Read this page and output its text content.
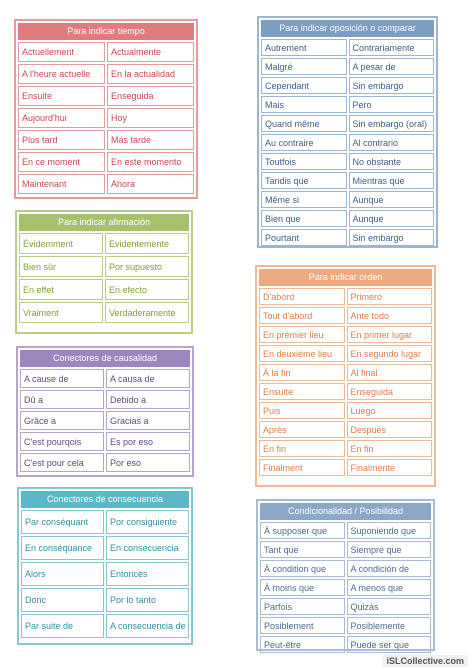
Para indicar tiempo
Actuellement	Actualmente
A l'heure actuelle	En la actualidad
Ensuite	Enseguida
Aujourd'hui	Hoy
Plus tard	Más tarde
En ce moment	En este momento
Maintenant	Ahora
Para indicar afirmación
Évidemment	Evidentemente
Bien sûr	Por supuesto
En effet	En efecto
Vraiment	Verdaderamente
Conectores de causalidad
A cause de	A causa de
Dû a	Debido a
Grâce a	Gracias a
C'est pourqois	Es por eso
C'est pour cela	Por eso
Conectores de consecuencia
Par conséquant	Por consiguiente
En conséquance	En consecuencia
Alors	Entonces
Donc	Por lo tanto
Par suite de	A consecuencia de
Para indicar oposición o comparar
Autrement	Contrariamente
Malgré	A pesar de
Cependant	Sin embargo
Mais	Pero
Quand même	Sin embargo (oral)
Au contraire	Al contrario
Toutfois	No obstante
Tandis que	Mientras que
Même si	Aunque
Bien que	Aunque
Pourtant	Sin embargo
Para indicar orden
D'abord	Primero
Tout d'abord	Ante todo
En prémier lieu	En primer lugar
En deuxième lieu	En segundo lugar
À la fin	Al final
Ensuite	Enseguida
Puis	Luego
Après	Después
En fin	En fin
Finalment	Finalmente
Condicionalidad / Posibilidad
À supposer que	Suponiendo que
Tant que	Siempre que
À condition que	A condición de
À moins que	A menos que
Parfois	Quizás
Posiblement	Posiblemente
Peut-être	Puede ser que
iSLCollective.com
